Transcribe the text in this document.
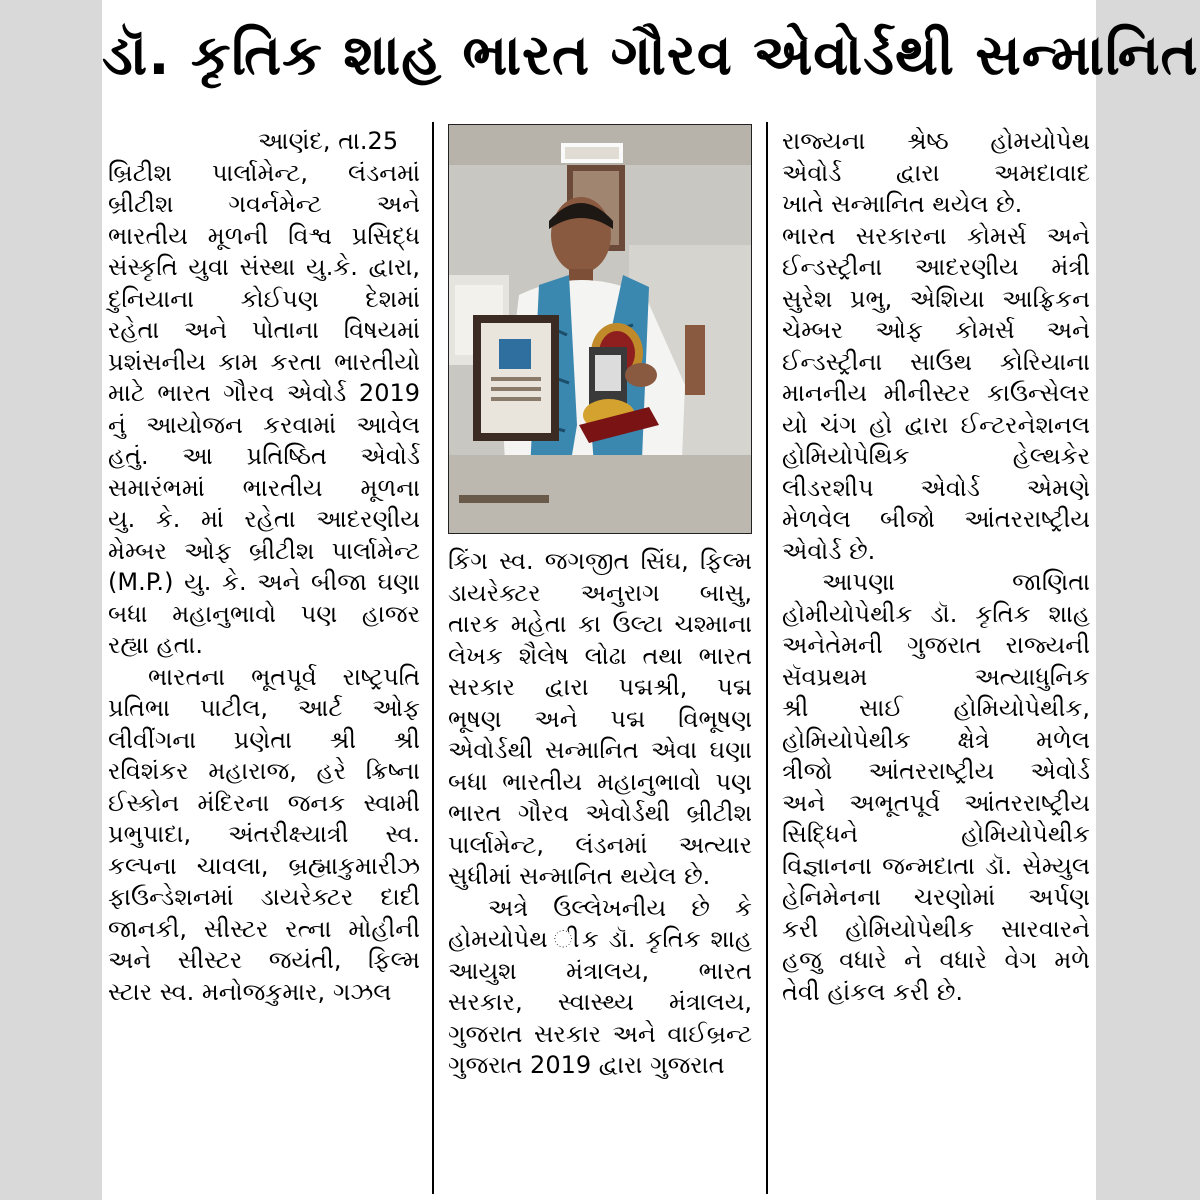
ડૉ. કૃતિક શાહ ભારત ગૌરવ એવોર્ડથી સન્માનિત
આણંદ, તા.25
બ્રિટીશ પાર્લામેન્ટ, લંડનમાં
બ્રીટીશ ગવર્નમેન્ટ અને
ભારતીય મૂળની વિશ્વ પ્રસિદ્ધ
સંસ્કૃતિ યુવા સંસ્થા યુ.કે. દ્વારા,
દુનિયાના કોઈપણ દેશમાં
રહેતા અને પોતાના વિષયમાં
પ્રશંસનીય કામ કરતા ભારતીયો
માટે ભારત ગૌરવ એવોર્ડ 2019
નું આયોજન કરવામાં આવેલ
હતું. આ પ્રતિષ્ઠિત એવોર્ડ
સમારંભમાં ભારતીય મૂળના
યુ. કે. માં રહેતા આદરણીય
મેમ્બર ઓફ બ્રીટીશ પાર્લામેન્ટ
(M.P.) યુ. કે. અને બીજા ઘણા
બધા મહાનુભાવો પણ હાજર
રહ્યા હતા.
ભારતના ભૂતપૂર્વ રાષ્ટ્રપતિ
પ્રતિભા પાટીલ, આર્ટ ઓફ
લીવીંગના પ્રણેતા શ્રી શ્રી
રવિશંકર મહારાજ, હરે ક્રિષ્ના
ઈસ્કોન મંદિરના જનક સ્વામી
પ્રભુપાદા, અંતરીક્ષ્યાત્રી સ્વ.
કલ્પના ચાવલા, બ્રહ્માકુમારીઝ
ફાઉન્ડેશનમાં ડાયરેક્ટર દાદી
જાનકી, સીસ્ટર રત્ના મોહીની
અને સીસ્ટર જયંતી, ફિલ્મ
સ્ટાર સ્વ. મનોજકુમાર, ગઝલ
કિંગ સ્વ. જગજીત સિંઘ, ફિલ્મ
ડાયરેક્ટર અનુરાગ બાસુ,
તારક મહેતા કા ઉલ્ટા ચશ્માના
લેખક શૈલેષ લોઢા તથા ભારત
સરકાર દ્વારા પદ્મશ્રી, પદ્મ
ભૂષણ અને પદ્મ વિભૂષણ
એવોર્ડથી સન્માનિત એવા ઘણા
બધા ભારતીય મહાનુભાવો પણ
ભારત ગૌરવ એવોર્ડથી બ્રીટીશ
પાર્લામેન્ટ, લંડનમાં અત્યાર
સુધીમાં સન્માનિત થયેલ છે.
અત્રે ઉલ્લેખનીય છે કે
હોમયોપેથ ીક ડૉ. કૃતિક શાહ
આયુશ મંત્રાલય, ભારત
સરકાર, સ્વાસ્થ્ય મંત્રાલય,
ગુજરાત સરકાર અને વાઈબ્રન્ટ
ગુજરાત 2019 દ્વારા ગુજરાત
રાજ્યના શ્રેષ્ઠ હોમયોપેથ
એવોર્ડ દ્વારા અમદાવાદ
ખાતે સન્માનિત થયેલ છે.
ભારત સરકારના કોમર્સ અને
ઈન્ડસ્ટ્રીના આદરણીય મંત્રી
સુરેશ પ્રભુ, એશિયા આફ્રિકન
ચેમ્બર ઓફ કોમર્સ અને
ઈન્ડસ્ટ્રીના સાઉથ કોરિયાના
માનનીય મીનીસ્ટર કાઉન્સેલર
યો ચંગ હો દ્વારા ઈન્ટરનેશનલ
હોમિયોપેથિક હેલ્થકેર
લીડરશીપ એવોર્ડ એમણે
મેળવેલ બીજો આંતરરાષ્ટ્રીય
એવોર્ડ છે.
આપણા જાણિતા
હોમીયોપેથીક ડૉ. કૃતિક શાહ
અનેતેમની ગુજરાત રાજ્યની
સૅવપ્રથમ અત્યાધુનિક
શ્રી સાઈ હોમિયોપેથીક,
હોમિયોપેથીક ક્ષેત્રે મળેલ
ત્રીજો આંતરરાષ્ટ્રીય એવોર્ડ
અને અભૂતપૂર્વ આંતરરાષ્ટ્રીય
સિદ્ધિને હોમિયોપેથીક
વિજ્ઞાનના જન્મદાતા ડૉ. સેમ્યુલ
હેનિમેનના ચરણોમાં અર્પણ
કરી હોમિયોપેથીક સારવારને
હજુ વધારે ને વધારે વેગ મળે
તેવી હાંકલ કરી છે.
